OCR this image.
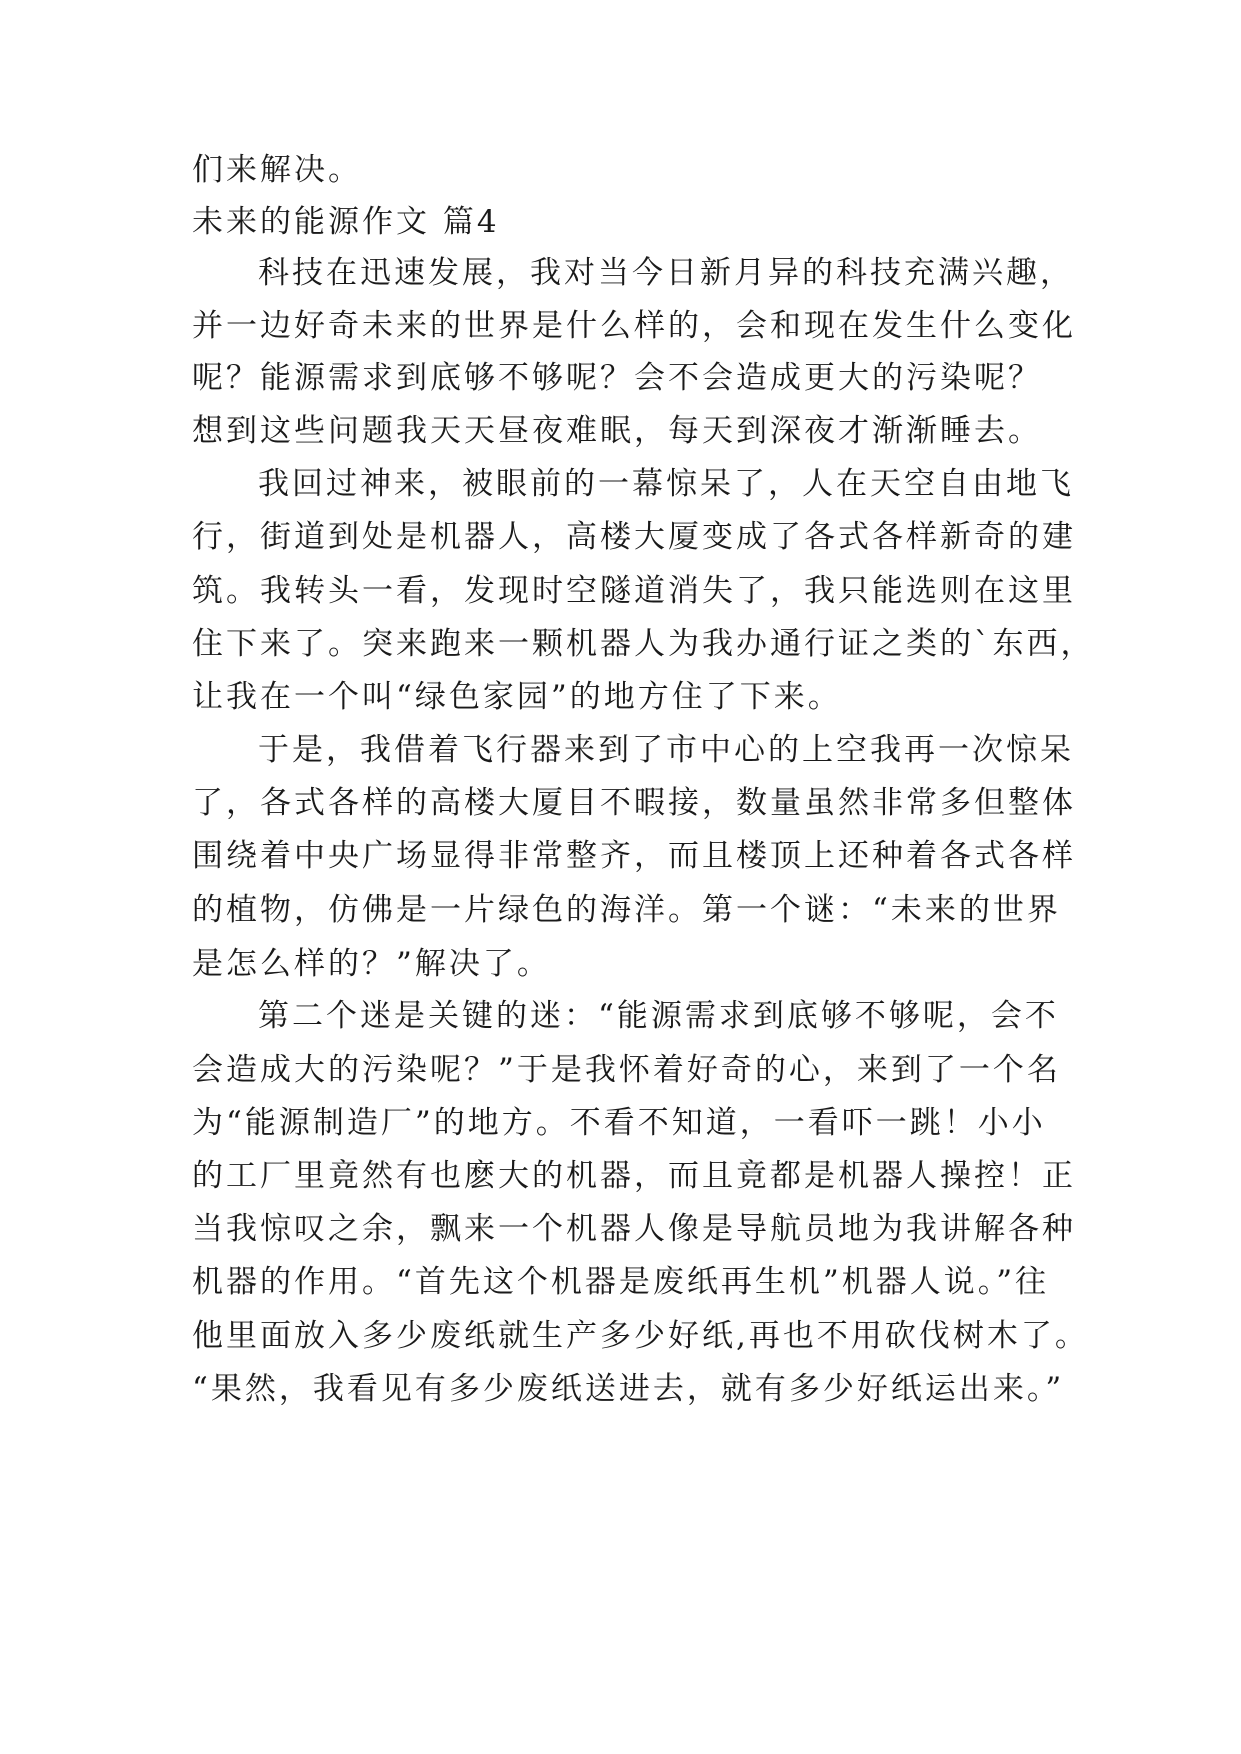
们来解决。
未来的能源作文 篇4
科技在迅速发展，我对当今日新月异的科技充满兴趣，
并一边好奇未来的世界是什么样的，会和现在发生什么变化
呢？能源需求到底够不够呢？会不会造成更大的污染呢？
想到这些问题我天天昼夜难眠，每天到深夜才渐渐睡去。
我回过神来，被眼前的一幕惊呆了，人在天空自由地飞
行，街道到处是机器人，高楼大厦变成了各式各样新奇的建
筑。我转头一看，发现时空隧道消失了，我只能选则在这里
住下来了。突来跑来一颗机器人为我办通行证之类的`东西，
让我在一个叫“绿色家园”的地方住了下来。
于是，我借着飞行器来到了市中心的上空我再一次惊呆
了，各式各样的高楼大厦目不暇接，数量虽然非常多但整体
围绕着中央广场显得非常整齐，而且楼顶上还种着各式各样
的植物，仿佛是一片绿色的海洋。第一个谜：“未来的世界
是怎么样的？”解决了。
第二个迷是关键的迷：“能源需求到底够不够呢，会不
会造成大的污染呢？”于是我怀着好奇的心，来到了一个名
为“能源制造厂”的地方。不看不知道，一看吓一跳！小小
的工厂里竟然有也麽大的机器，而且竟都是机器人操控！正
当我惊叹之余，飘来一个机器人像是导航员地为我讲解各种
机器的作用。“首先这个机器是废纸再生机”机器人说。”往
他里面放入多少废纸就生产多少好纸,再也不用砍伐树木了。
“果然，我看见有多少废纸送进去，就有多少好纸运出来。”
